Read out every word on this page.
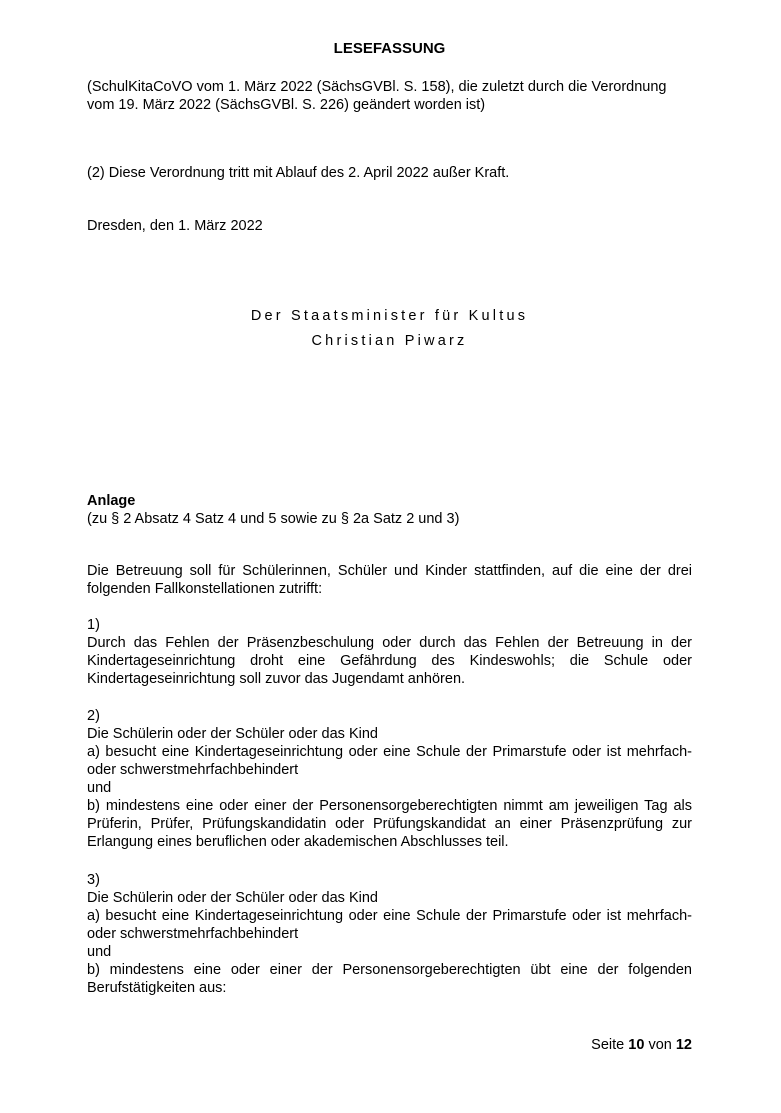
LESEFASSUNG
(SchulKitaCoVO vom 1. März 2022 (SächsGVBl. S. 158), die zuletzt durch die Verordnung vom 19. März 2022 (SächsGVBl. S. 226) geändert worden ist)
(2) Diese Verordnung tritt mit Ablauf des 2. April 2022 außer Kraft.
Dresden, den 1. März 2022
Der Staatsminister für Kultus
Christian Piwarz
Anlage
(zu § 2 Absatz 4 Satz 4 und 5 sowie zu § 2a Satz 2 und 3)
Die Betreuung soll für Schülerinnen, Schüler und Kinder stattfinden, auf die eine der drei folgenden Fallkonstellationen zutrifft:
1)
Durch das Fehlen der Präsenzbeschulung oder durch das Fehlen der Betreuung in der Kindertageseinrichtung droht eine Gefährdung des Kindeswohls; die Schule oder Kindertageseinrichtung soll zuvor das Jugendamt anhören.
2)
Die Schülerin oder der Schüler oder das Kind
a) besucht eine Kindertageseinrichtung oder eine Schule der Primarstufe oder ist mehrfach- oder schwerstmehrfachbehindert
und
b) mindestens eine oder einer der Personensorgeberechtigten nimmt am jeweiligen Tag als Prüferin, Prüfer, Prüfungskandidatin oder Prüfungskandidat an einer Präsenzprüfung zur Erlangung eines beruflichen oder akademischen Abschlusses teil.
3)
Die Schülerin oder der Schüler oder das Kind
a) besucht eine Kindertageseinrichtung oder eine Schule der Primarstufe oder ist mehrfach- oder schwerstmehrfachbehindert
und
b) mindestens eine oder einer der Personensorgeberechtigten übt eine der folgenden Berufstätigkeiten aus:
Seite 10 von 12
